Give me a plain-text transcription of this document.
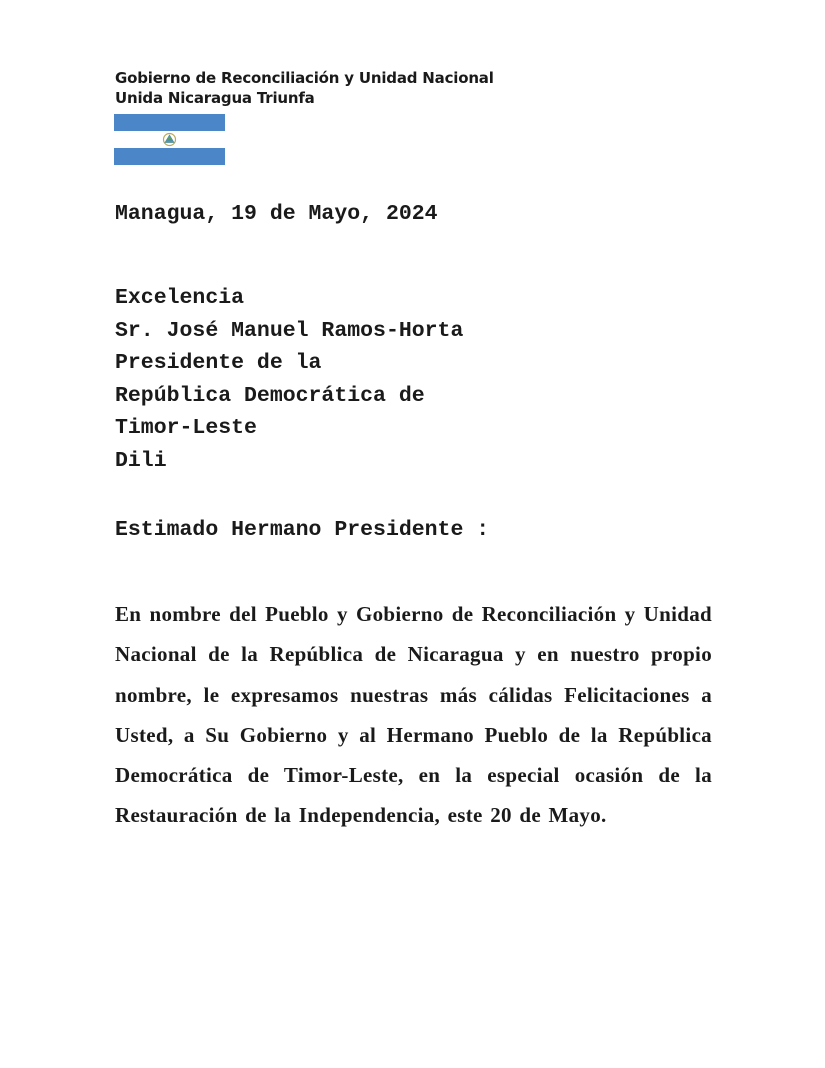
Gobierno de Reconciliación y Unidad Nacional
Unida Nicaragua Triunfa
Managua, 19 de Mayo, 2024
Excelencia
Sr. José Manuel Ramos-Horta
Presidente de la
República Democrática de
Timor-Leste
Dili
Estimado Hermano Presidente :
En nombre del Pueblo y Gobierno de Reconciliación y Unidad Nacional de la República de Nicaragua y en nuestro propio nombre, le expresamos nuestras más cálidas Felicitaciones a Usted, a Su Gobierno y al Hermano Pueblo de la República Democrática de Timor-Leste, en la especial ocasión de la Restauración de la Independencia, este 20 de Mayo.
